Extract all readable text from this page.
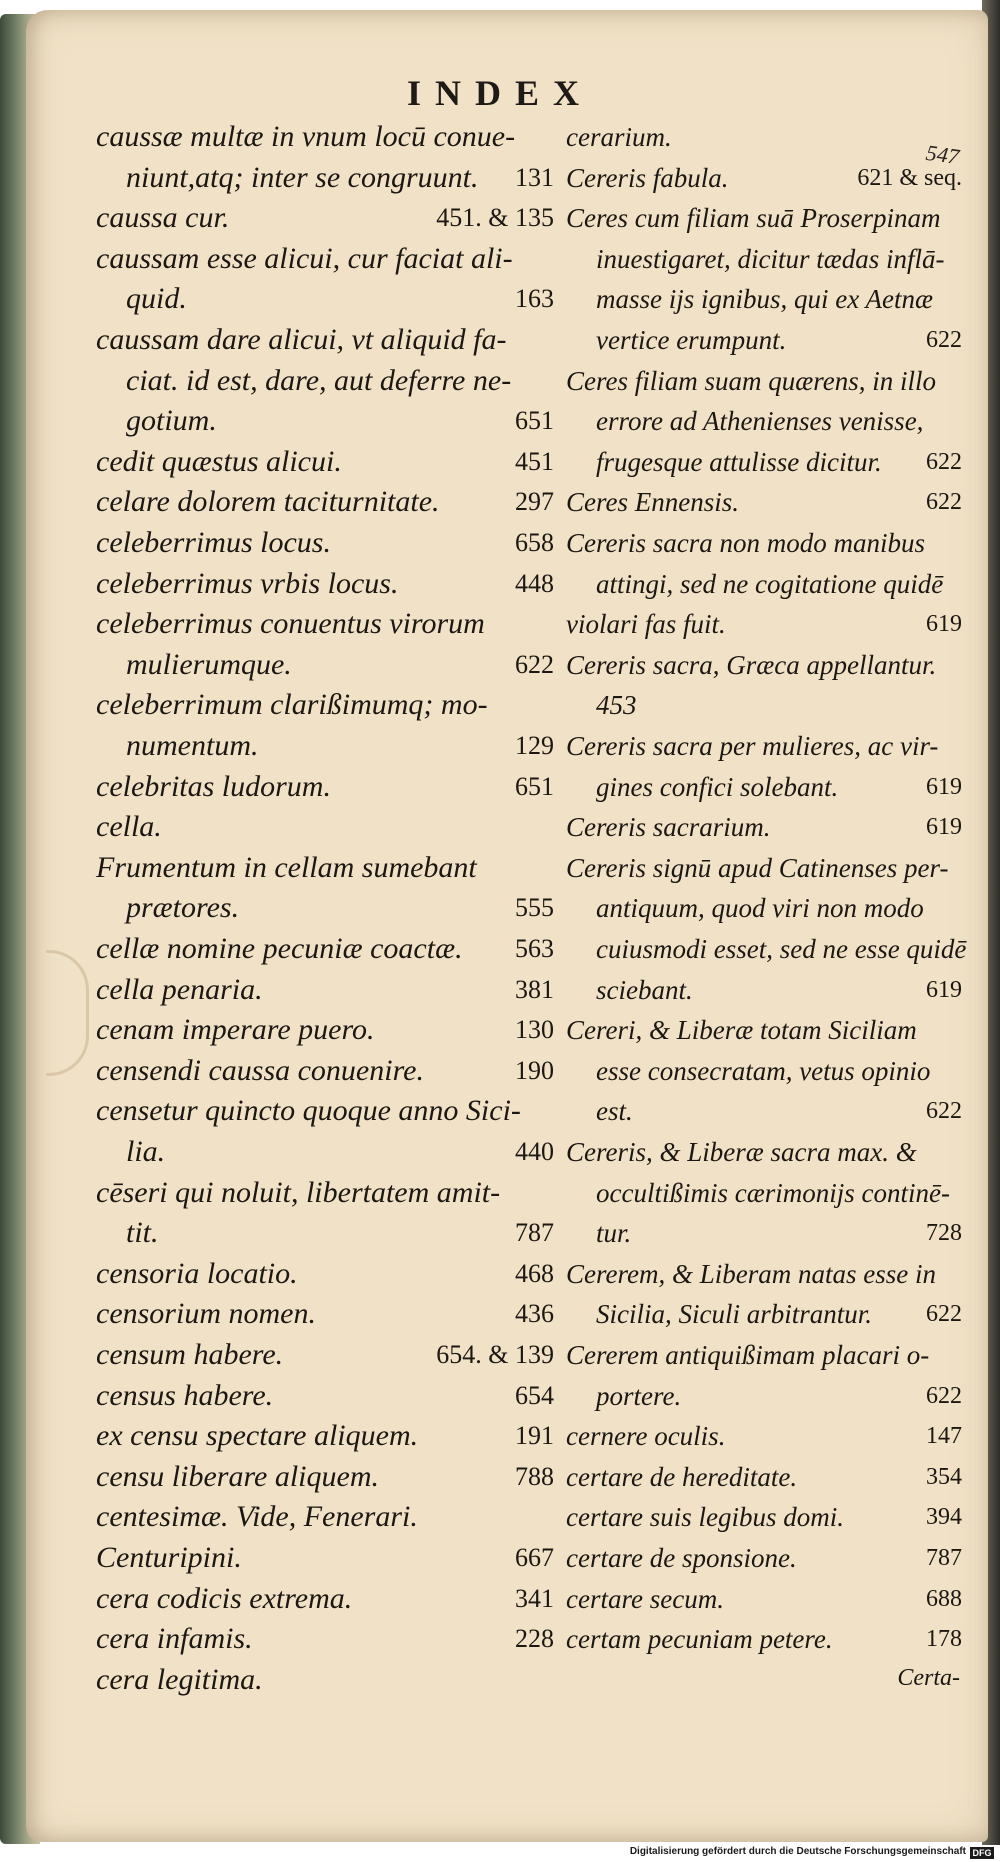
INDEX
547
caussæ multæ in vnum locū conue-
niunt,atq; inter se congruunt. 131
caussa cur.	451. & 135
caussam esse alicui, cur faciat ali-
quid.	163
caussam dare alicui, vt aliquid fa-
ciat. id est, dare, aut deferre ne-
gotium.	651
cedit quæstus alicui.	451
celare dolorem taciturnitate.	297
celeberrimus locus.	658
celeberrimus vrbis locus.	448
celeberrimus conuentus virorum
mulierumque.	622
celeberrimum clarißimumq; mo-
numentum.	129
celebritas ludorum.	651
cella.
Frumentum in cellam sumebant
prætores.	555
cellæ nomine pecuniæ coactæ. 563
cella penaria.	381
cenam imperare puero.	130
censendi caussa conuenire.	190
censetur quincto quoque anno Sici-
lia.	440
cēseri qui noluit, libertatem amit-
tit.	787
censoria locatio.	468
censorium nomen.	436
censum habere.	654. & 139
census habere.	654
ex censu spectare aliquem.	191
censu liberare aliquem.	788
centesimæ. Vide, Fenerari.
Centuripini.	667
cera codicis extrema.	341
cera infamis.	228
cera legitima.
cerarium.
Cereris fabula.	621 & seq.
Ceres cum filiam suā Proserpinam
inuestigaret, dicitur tædas inflā-
masse ijs ignibus, qui ex Aetnæ
vertice erumpunt.	622
Ceres filiam suam quærens, in illo
errore ad Athenienses venisse,
frugesque attulisse dicitur. 622
Ceres Ennensis.	622
Cereris sacra non modo manibus
attingi, sed ne cogitatione quidē
violari fas fuit.	619
Cereris sacra, Græca appellantur.
453
Cereris sacra per mulieres, ac vir-
gines confici solebant.	619
Cereris sacrarium.	619
Cereris signū apud Catinenses per-
antiquum, quod viri non modo
cuiusmodi esset, sed ne esse quidē
sciebant.	619
Cereri, & Liberæ totam Siciliam
esse consecratam, vetus opinio
est.	622
Cereris, & Liberæ sacra max. &
occultißimis cærimonijs continē-
tur.	728
Cererem, & Liberam natas esse in
Sicilia, Siculi arbitrantur. 622
Cererem antiquißimam placari o-
portere.	622
cernere oculis.	147
certare de hereditate.	354
certare suis legibus domi.	394
certare de sponsione.	787
certare secum.	688
certam pecuniam petere.	178
Certa-
Digitalisierung gefördert durch die Deutsche Forschungsgemeinschaft DFG
